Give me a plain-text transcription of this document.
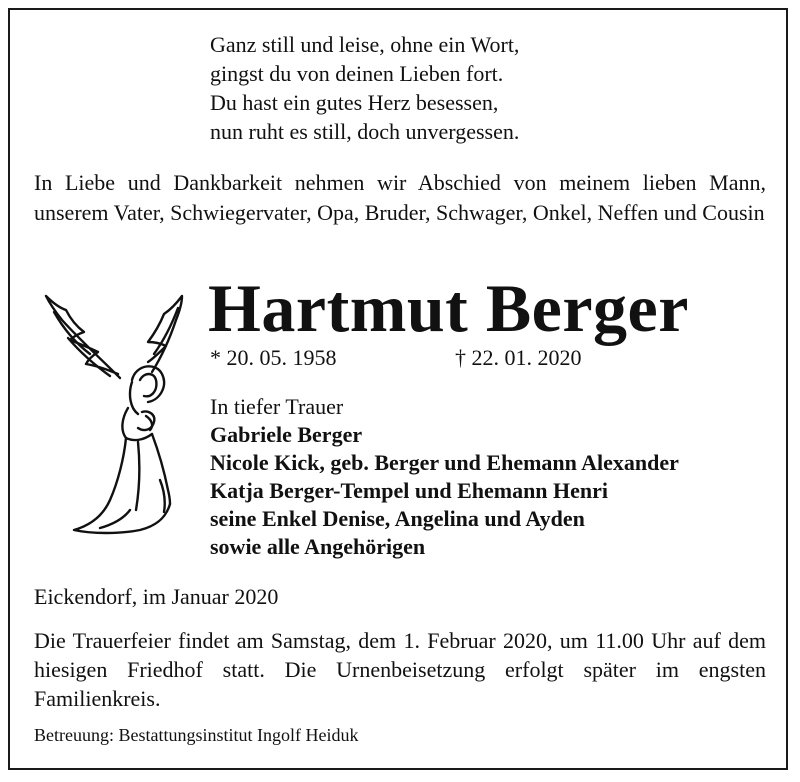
Ganz still und leise, ohne ein Wort,
gingst du von deinen Lieben fort.
Du hast ein gutes Herz besessen,
nun ruht es still, doch unvergessen.
In Liebe und Dankbarkeit nehmen wir Abschied von meinem lieben Mann, unserem Vater, Schwiegervater, Opa, Bruder, Schwager, Onkel, Neffen und Cousin
Hartmut Berger
* 20. 05. 1958	† 22. 01. 2020
In tiefer Trauer
Gabriele Berger
Nicole Kick, geb. Berger und Ehemann Alexander
Katja Berger-Tempel und Ehemann Henri
seine Enkel Denise, Angelina und Ayden
sowie alle Angehörigen
Eickendorf, im Januar 2020
Die Trauerfeier findet am Samstag, dem 1. Februar 2020, um 11.00 Uhr auf dem hiesigen Friedhof statt. Die Urnenbeisetzung erfolgt später im engsten Familienkreis.
Betreuung: Bestattungsinstitut Ingolf Heiduk
